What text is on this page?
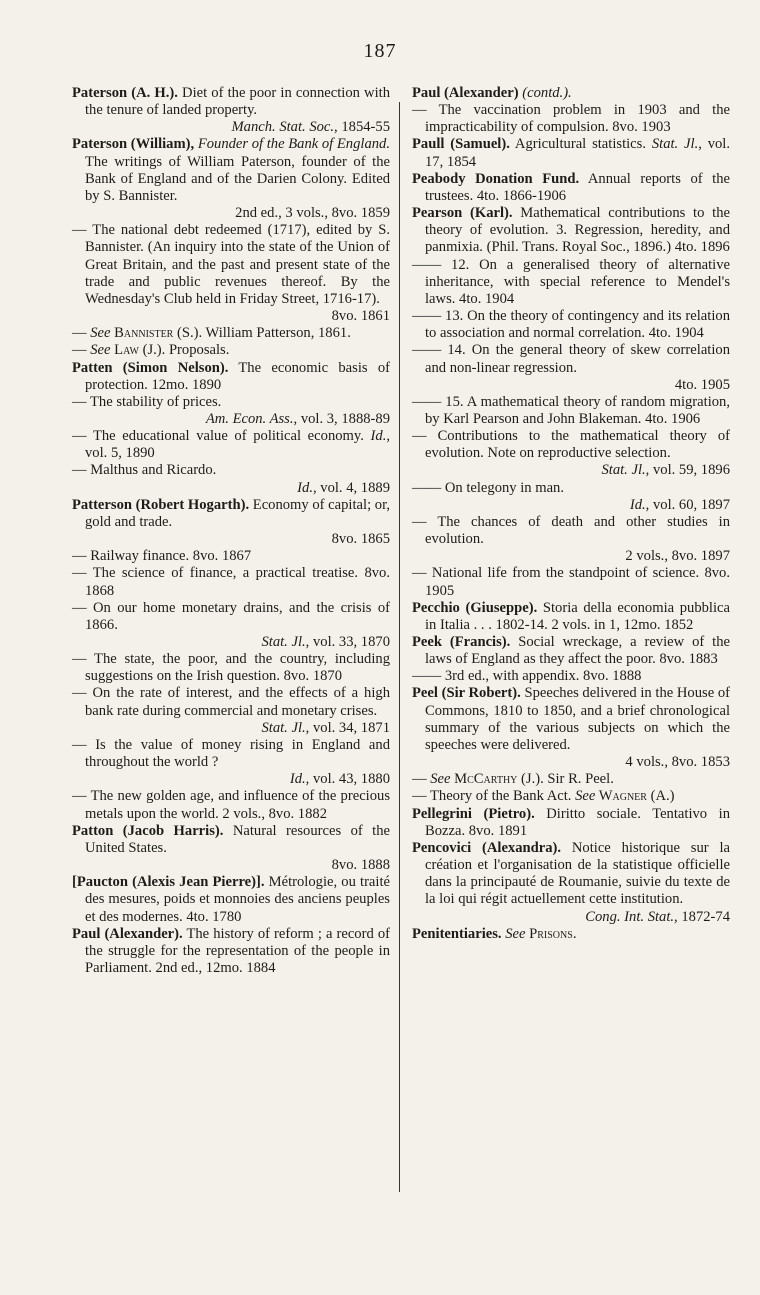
187

Paterson (A. H.). Diet of the poor in connection with the tenure of landed property.
Manch. Stat. Soc., 1854-55

Paterson (William), Founder of the Bank of England. The writings of William Paterson, founder of the Bank of England and of the Darien Colony. Edited by S. Bannister.
2nd ed., 3 vols., 8vo. 1859

— The national debt redeemed (1717), edited by S. Bannister. (An inquiry into the state of the Union of Great Britain, and the past and present state of the trade and public revenues thereof. By the Wednesday's Club held in Friday Street, 1716-17).
8vo. 1861

— See Bannister (S.). William Patterson, 1861.

— See Law (J.). Proposals.

Patten (Simon Nelson). The economic basis of protection. 12mo. 1890

— The stability of prices.
Am. Econ. Ass., vol. 3, 1888-89

— The educational value of political economy. Id., vol. 5, 1890

— Malthus and Ricardo.
Id., vol. 4, 1889

Patterson (Robert Hogarth). Economy of capital; or, gold and trade.
8vo. 1865

— Railway finance. 8vo. 1867

— The science of finance, a practical treatise. 8vo. 1868

— On our home monetary drains, and the crisis of 1866.
Stat. Jl., vol. 33, 1870

— The state, the poor, and the country, including suggestions on the Irish question. 8vo. 1870

— On the rate of interest, and the effects of a high bank rate during commercial and monetary crises.
Stat. Jl., vol. 34, 1871

— Is the value of money rising in England and throughout the world ?
Id., vol. 43, 1880

— The new golden age, and influence of the precious metals upon the world. 2 vols., 8vo. 1882

Patton (Jacob Harris). Natural resources of the United States.
8vo. 1888

[Paucton (Alexis Jean Pierre)]. Métrologie, ou traité des mesures, poids et monnoies des anciens peuples et des modernes. 4to. 1780

Paul (Alexander). The history of reform ; a record of the struggle for the representation of the people in Parliament. 2nd ed., 12mo. 1884

Paul (Alexander) (contd.).

— The vaccination problem in 1903 and the impracticability of compulsion. 8vo. 1903

Paull (Samuel). Agricultural statistics. Stat. Jl., vol. 17, 1854

Peabody Donation Fund. Annual reports of the trustees. 4to. 1866-1906

Pearson (Karl). Mathematical contributions to the theory of evolution. 3. Regression, heredity, and panmixia. (Phil. Trans. Royal Soc., 1896.) 4to. 1896

—— 12. On a generalised theory of alternative inheritance, with special reference to Mendel's laws. 4to. 1904

—— 13. On the theory of contingency and its relation to association and normal correlation. 4to. 1904

—— 14. On the general theory of skew correlation and non-linear regression.
4to. 1905

—— 15. A mathematical theory of random migration, by Karl Pearson and John Blakeman. 4to. 1906

— Contributions to the mathematical theory of evolution. Note on reproductive selection.
Stat. Jl., vol. 59, 1896

—— On telegony in man.
Id., vol. 60, 1897

— The chances of death and other studies in evolution.
2 vols., 8vo. 1897

— National life from the standpoint of science. 8vo. 1905

Pecchio (Giuseppe). Storia della economia pubblica in Italia . . . 1802-14. 2 vols. in 1, 12mo. 1852

Peek (Francis). Social wreckage, a review of the laws of England as they affect the poor. 8vo. 1883

—— 3rd ed., with appendix. 8vo. 1888

Peel (Sir Robert). Speeches delivered in the House of Commons, 1810 to 1850, and a brief chronological summary of the various subjects on which the speeches were delivered.
4 vols., 8vo. 1853

— See McCarthy (J.). Sir R. Peel.

— Theory of the Bank Act. See Wagner (A.)

Pellegrini (Pietro). Diritto sociale. Tentativo in Bozza. 8vo. 1891

Pencovici (Alexandra). Notice historique sur la création et l'organisation de la statistique officielle dans la principauté de Roumanie, suivie du texte de la loi qui régit actuellement cette institution.
Cong. Int. Stat., 1872-74

Penitentiaries. See Prisons.
